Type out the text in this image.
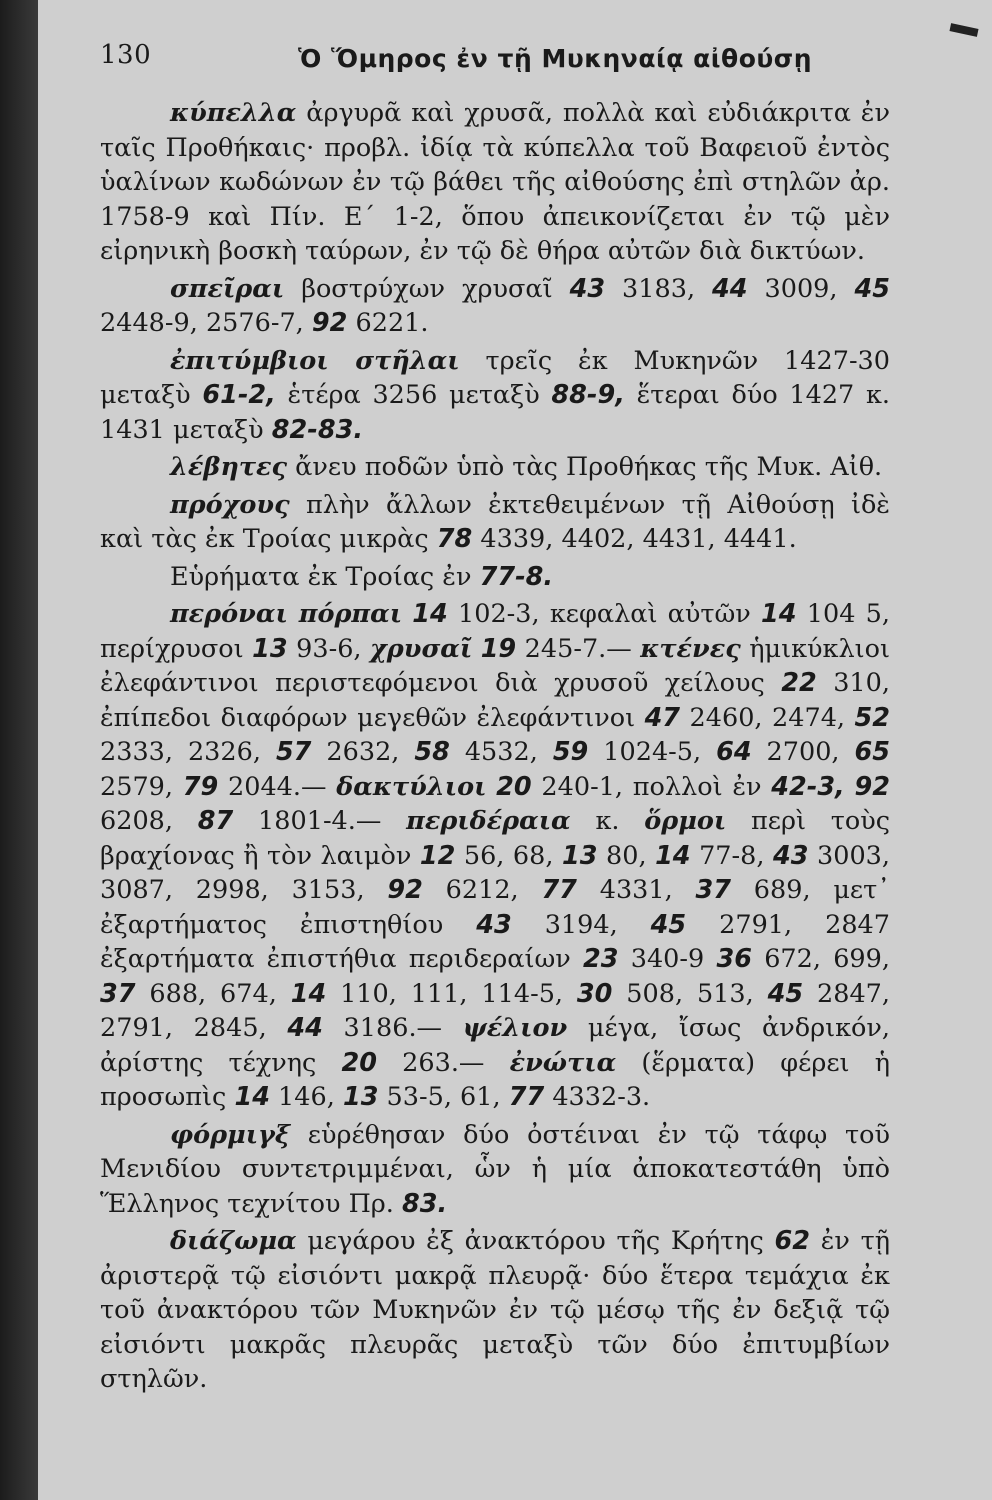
130	Ὁ Ὅμηρος ἐν τῇ Μυκηναίᾳ αἰθούσῃ

κύπελλα ἀργυρᾶ καὶ χρυσᾶ, πολλὰ καὶ εὐδιάκριτα ἐν ταῖς Προθήκαις· προβλ. ἰδίᾳ τὰ κύπελλα τοῦ Βαφειοῦ ἐντὸς ὑαλίνων κωδώνων ἐν τῷ βάθει τῆς αἰθούσης ἐπὶ στηλῶν ἀρ. 1758-9 καὶ Πίν. Ε´ 1-2, ὅπου ἀπεικονίζεται ἐν τῷ μὲν εἰρηνικὴ βοσκὴ ταύρων, ἐν τῷ δὲ θήρα αὐτῶν διὰ δικτύων.

σπεῖραι βοστρύχων χρυσαῖ 43 3183, 44 3009, 45 2448-9, 2576-7, 92 6221.

ἐπιτύμβιοι στῆλαι τρεῖς ἐκ Μυκηνῶν 1427-30 μεταξὺ 61-2, ἑτέρα 3256 μεταξὺ 88-9, ἕτεραι δύο 1427 κ. 1431 μεταξὺ 82-83.

λέβητες ἄνευ ποδῶν ὑπὸ τὰς Προθήκας τῆς Μυκ. Αἰθ.

πρόχους πλὴν ἄλλων ἐκτεθειμένων τῇ Αἰθούσῃ ἰδὲ καὶ τὰς ἐκ Τροίας μικρὰς 78 4339, 4402, 4431, 4441.

Εὑρήματα ἐκ Τροίας ἐν 77-8.

περόναι πόρπαι 14 102-3, κεφαλαὶ αὐτῶν 14 104 5, περίχρυσοι 13 93-6, χρυσαῖ 19 245-7.— κτένες ἡμικύκλιοι ἐλεφάντινοι περιστεφόμενοι διὰ χρυσοῦ χείλους 22 310, ἐπίπεδοι διαφόρων μεγεθῶν ἐλεφάντινοι 47 2460, 2474, 52 2333, 2326, 57 2632, 58 4532, 59 1024-5, 64 2700, 65 2579, 79 2044.— δακτύλιοι 20 240-1, πολλοὶ ἐν 42-3, 92 6208, 87 1801-4.— περιδέραια κ. ὅρμοι περὶ τοὺς βραχίονας ἢ τὸν λαιμὸν 12 56, 68, 13 80, 14 77-8, 43 3003, 3087, 2998, 3153, 92 6212, 77 4331, 37 689, μετ᾽ ἐξαρτήματος ἐπιστηθίου 43 3194, 45 2791, 2847 ἐξαρτήματα ἐπιστήθια περιδεραίων 23 340-9 36 672, 699, 37 688, 674, 14 110, 111, 114-5, 30 508, 513, 45 2847, 2791, 2845, 44 3186.— ψέλιον μέγα, ἴσως ἀνδρικόν, ἀρίστης τέχνης 20 263.— ἐνώτια (ἕρματα) φέρει ἡ προσωπὶς 14 146, 13 53-5, 61, 77 4332-3.

φόρμιγξ εὑρέθησαν δύο ὀστέιναι ἐν τῷ τάφῳ τοῦ Μενιδίου συντετριμμέναι, ὧν ἡ μία ἀποκατεστάθη ὑπὸ Ἕλληνος τεχνίτου Πρ. 83.

διάζωμα μεγάρου ἐξ ἀνακτόρου τῆς Κρήτης 62 ἐν τῇ ἀριστερᾷ τῷ εἰσιόντι μακρᾷ πλευρᾷ· δύο ἕτερα τεμάχια ἐκ τοῦ ἀνακτόρου τῶν Μυκηνῶν ἐν τῷ μέσῳ τῆς ἐν δεξιᾷ τῷ εἰσιόντι μακρᾶς πλευρᾶς μεταξὺ τῶν δύο ἐπιτυμβίων στηλῶν.
